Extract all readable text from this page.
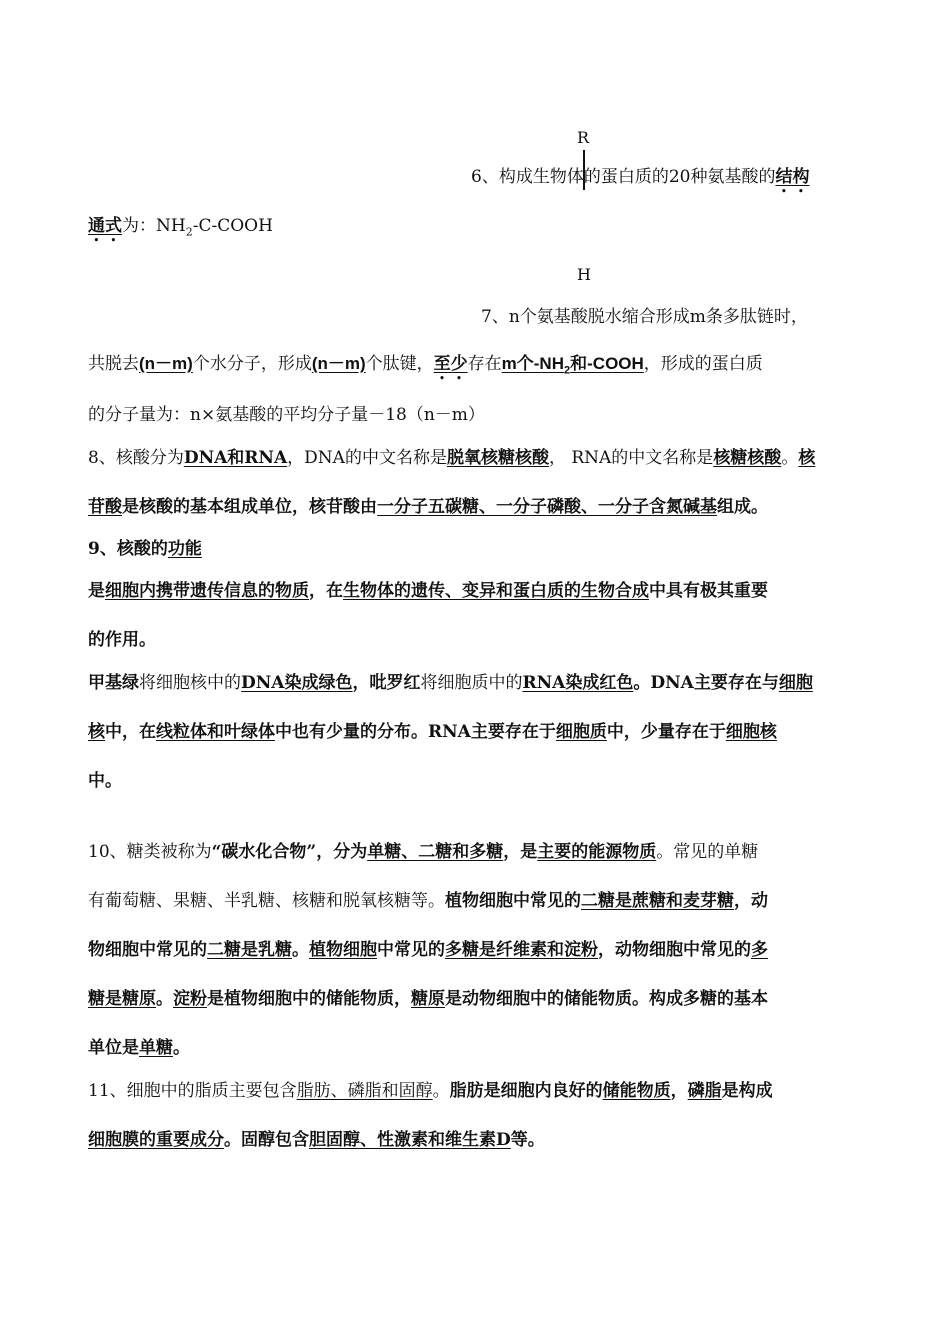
R
6、构成生物体的蛋白质的20种氨基酸的结构
通式为：$NH_2-C$-COOH
H
7、n个氨基酸脱水缩合形成m条多肽链时，
共脱去(n－m)个水分子，形成(n－m)个肽键，至少存在m个$-NH_2$和-COOH，形成的蛋白质
的分子量为：n×氨基酸的平均分子量－18（n－m）
8、核酸分为DNA和RNA，DNA的中文名称是脱氧核糖核酸， RNA的中文名称是核糖核酸。核
苷酸是核酸的基本组成单位，核苷酸由一分子五碳糖、一分子磷酸、一分子含氮碱基组成。
9、核酸的功能
是细胞内携带遗传信息的物质，在生物体的遗传、变异和蛋白质的生物合成中具有极其重要
的作用。
甲基绿将细胞核中的DNA染成绿色，吡罗红将细胞质中的RNA染成红色。DNA主要存在与细胞
核中，在线粒体和叶绿体中也有少量的分布。RNA主要存在于细胞质中，少量存在于细胞核
中。
10、糖类被称为“碳水化合物”，分为单糖、二糖和多糖，是主要的能源物质。常见的单糖
有葡萄糖、果糖、半乳糖、核糖和脱氧核糖等。植物细胞中常见的二糖是蔗糖和麦芽糖，动
物细胞中常见的二糖是乳糖。植物细胞中常见的多糖是纤维素和淀粉，动物细胞中常见的多
糖是糖原。淀粉是植物细胞中的储能物质，糖原是动物细胞中的储能物质。构成多糖的基本
单位是单糖。
11、细胞中的脂质主要包含脂肪、磷脂和固醇。脂肪是细胞内良好的储能物质，磷脂是构成
细胞膜的重要成分。固醇包含胆固醇、性激素和维生素D等。
